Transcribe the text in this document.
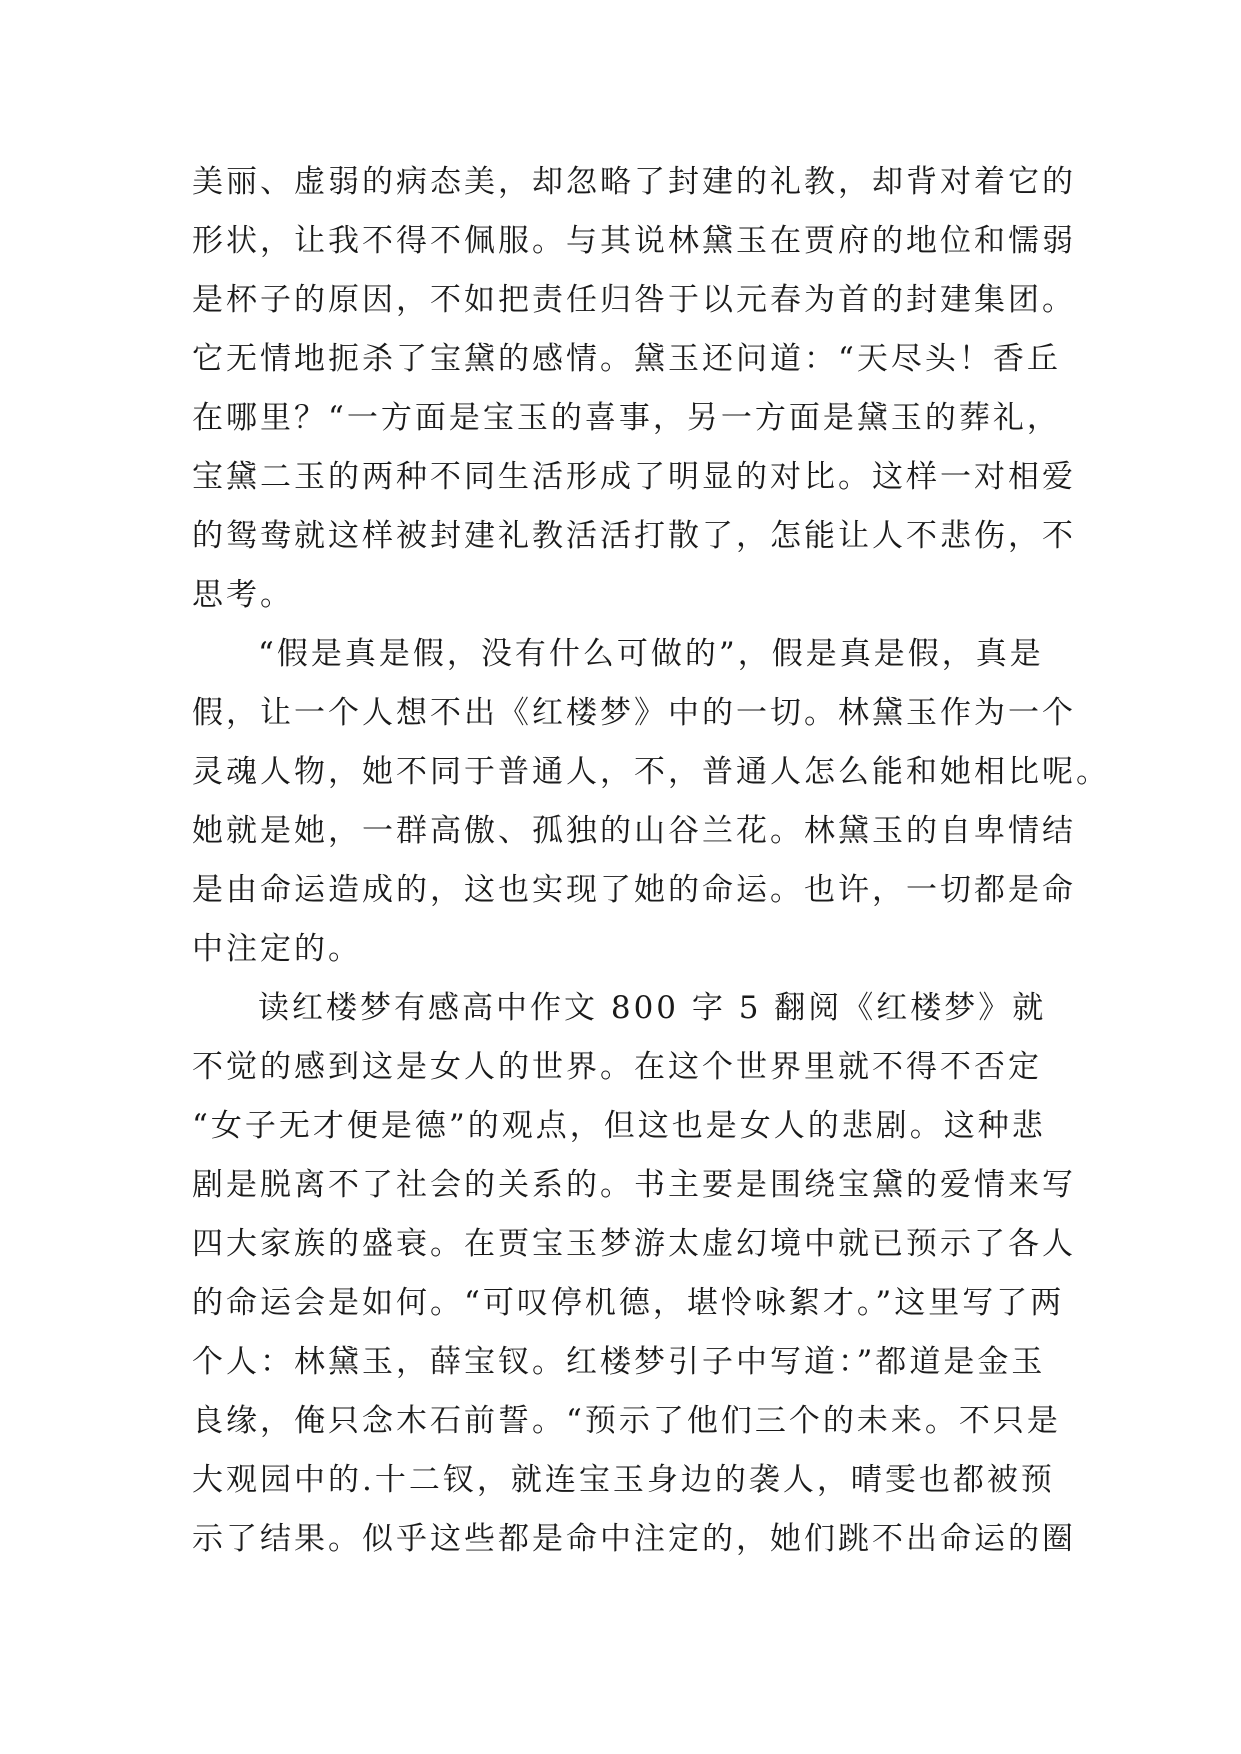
美丽、虚弱的病态美，却忽略了封建的礼教，却背对着它的
形状，让我不得不佩服。与其说林黛玉在贾府的地位和懦弱
是杯子的原因，不如把责任归咎于以元春为首的封建集团。
它无情地扼杀了宝黛的感情。黛玉还问道：“天尽头！香丘
在哪里？“一方面是宝玉的喜事，另一方面是黛玉的葬礼，
宝黛二玉的两种不同生活形成了明显的对比。这样一对相爱
的鸳鸯就这样被封建礼教活活打散了，怎能让人不悲伤，不
思考。
“假是真是假，没有什么可做的”，假是真是假，真是
假，让一个人想不出《红楼梦》中的一切。林黛玉作为一个
灵魂人物，她不同于普通人，不，普通人怎么能和她相比呢。
她就是她，一群高傲、孤独的山谷兰花。林黛玉的自卑情结
是由命运造成的，这也实现了她的命运。也许，一切都是命
中注定的。
读红楼梦有感高中作文 800 字 5 翻阅《红楼梦》就
不觉的感到这是女人的世界。在这个世界里就不得不否定
“女子无才便是德”的观点，但这也是女人的悲剧。这种悲
剧是脱离不了社会的关系的。书主要是围绕宝黛的爱情来写
四大家族的盛衰。在贾宝玉梦游太虚幻境中就已预示了各人
的命运会是如何。“可叹停机德，堪怜咏絮才。”这里写了两
个人：林黛玉，薛宝钗。红楼梦引子中写道：”都道是金玉
良缘，俺只念木石前誓。“预示了他们三个的未来。不只是
大观园中的.十二钗，就连宝玉身边的袭人，晴雯也都被预
示了结果。似乎这些都是命中注定的，她们跳不出命运的圈
